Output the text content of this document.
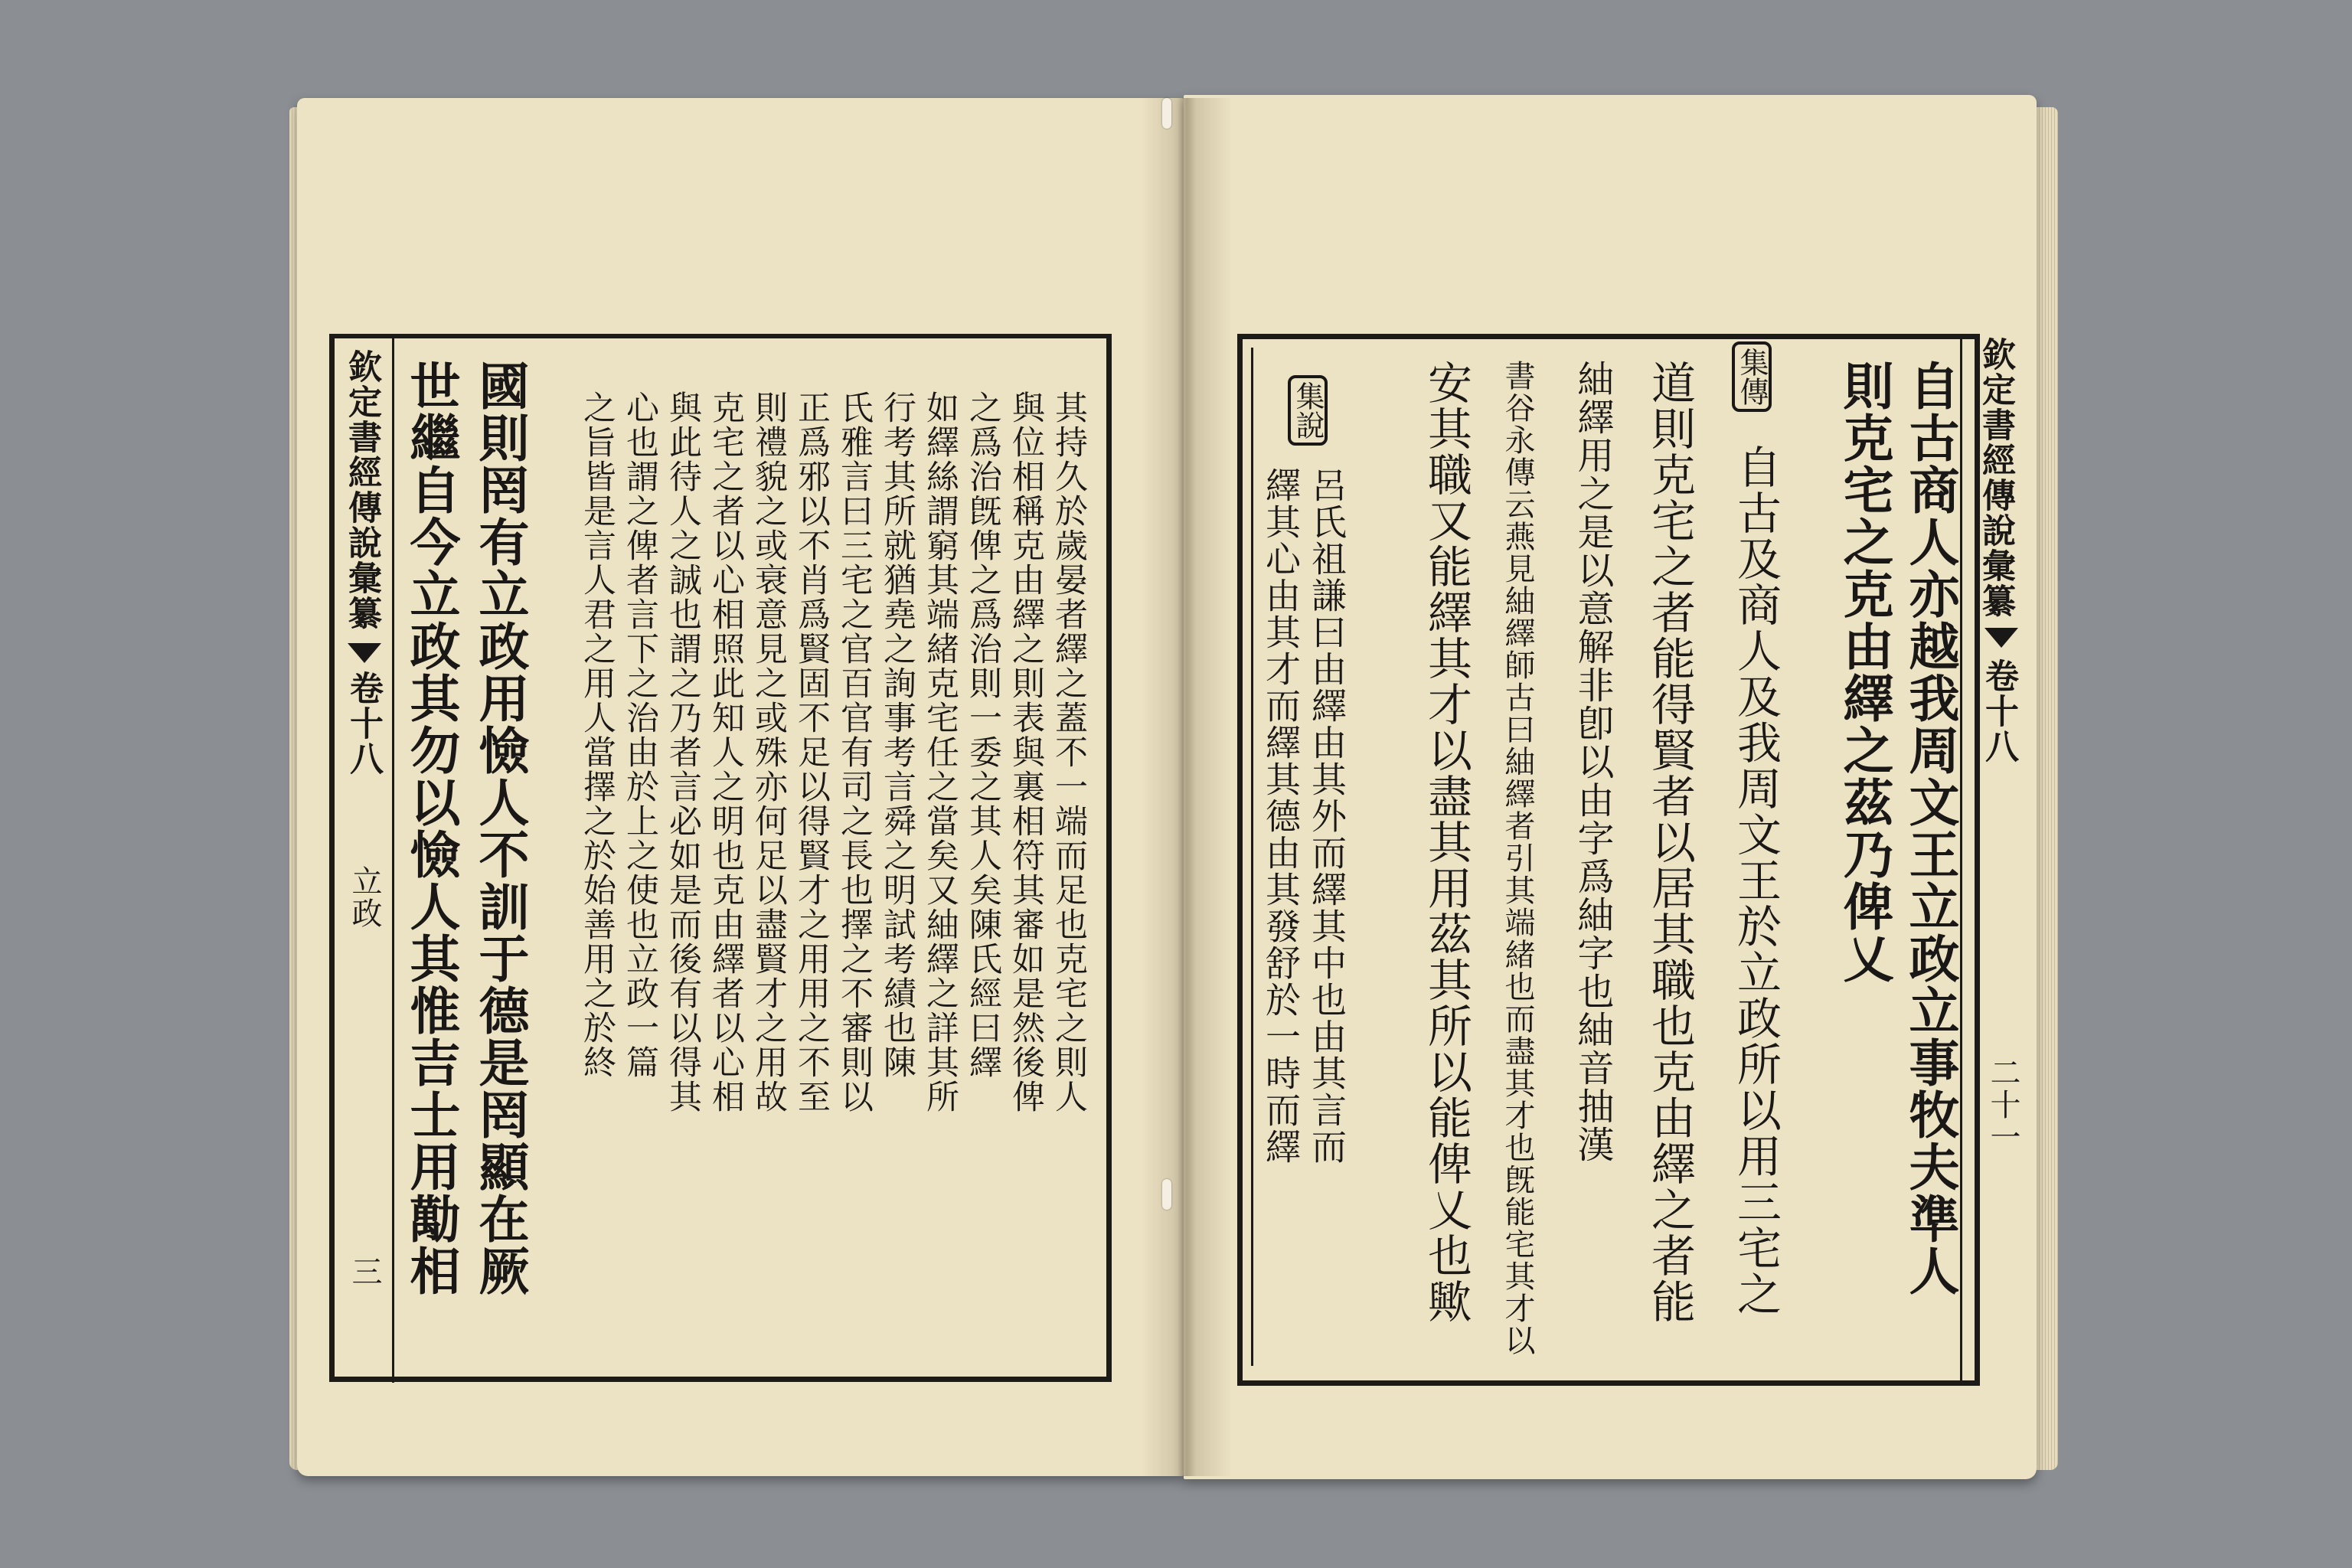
欽定書經傳說彙纂
卷十八
二十一
自古商人亦越我周文王立政立事牧夫準人
則克宅之克由繹之茲乃俾乂
集傳
自古及商人及我周文王於立政所以用三宅之
道則克宅之者能得賢者以居其職也克由繹之者能
紬繹用之是以意解非卽以由字爲紬字也紬音抽漢
書谷永傳云燕見紬繹師古曰紬繹者引其端緒也而盡其才也旣能宅其才以
安其職又能繹其才以盡其用茲其所以能俾乂也歟
集說
呂氏祖謙曰由繹由其外而繹其中也由其言而
繹其心由其才而繹其德由其發舒於一時而繹
欽定書經傳說彙纂
卷十八
立政
三
其持久於歲晏者繹之蓋不一端而足也克宅之則人
與位相稱克由繹之則表與裏相符其審如是然後俾
之爲治旣俾之爲治則一委之其人矣陳氏經曰繹
如繹絲謂窮其端緒克宅任之當矣又紬繹之詳其所
行考其所就猶堯之詢事考言舜之明試考績也陳
氏雅言曰三宅之官百官有司之長也擇之不審則以
正爲邪以不肖爲賢固不足以得賢才之用用之不至
則禮貌之或衰意見之或殊亦何足以盡賢才之用故
克宅之者以心相照此知人之明也克由繹者以心相
與此待人之誠也謂之乃者言必如是而後有以得其
心也謂之俾者言下之治由於上之使也立政一篇
之旨皆是言人君之用人當擇之於始善用之於終
國則罔有立政用憸人不訓于德是罔顯在厥
世繼自今立政其勿以憸人其惟吉士用勱相
